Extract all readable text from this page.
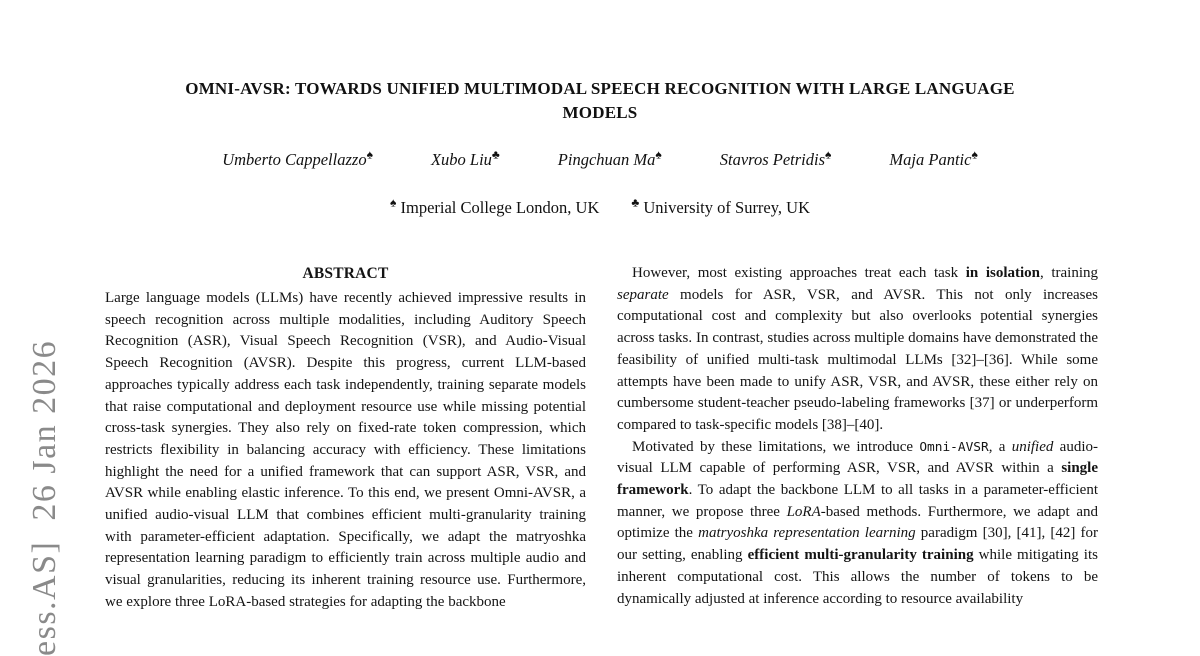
ess.AS]  26 Jan 2026
OMNI-AVSR: TOWARDS UNIFIED MULTIMODAL SPEECH RECOGNITION WITH LARGE LANGUAGE
MODELS
Umberto Cappellazzo♠	Xubo Liu♣	Pingchuan Ma♠	Stavros Petridis♠	Maja Pantic♠
♠ Imperial College London, UK	♣ University of Surrey, UK
ABSTRACT

Large language models (LLMs) have recently achieved impressive results in speech recognition across multiple modalities, including Auditory Speech Recognition (ASR), Visual Speech Recognition (VSR), and Audio-Visual Speech Recognition (AVSR). Despite this progress, current LLM-based approaches typically address each task independently, training separate models that raise computational and deployment resource use while missing potential cross-task synergies. They also rely on fixed-rate token compression, which restricts flexibility in balancing accuracy with efficiency. These limitations highlight the need for a unified framework that can support ASR, VSR, and AVSR while enabling elastic inference. To this end, we present Omni-AVSR, a unified audio-visual LLM that combines efficient multi-granularity training with parameter-efficient adaptation. Specifically, we adapt the matryoshka representation learning paradigm to efficiently train across multiple audio and visual granularities, reducing its inherent training resource use. Furthermore, we explore three LoRA-based strategies for adapting the backbone

However, most existing approaches treat each task in isolation, training separate models for ASR, VSR, and AVSR. This not only increases computational cost and complexity but also overlooks potential synergies across tasks. In contrast, studies across multiple domains have demonstrated the feasibility of unified multi-task multimodal LLMs [32]–[36]. While some attempts have been made to unify ASR, VSR, and AVSR, these either rely on cumbersome student-teacher pseudo-labeling frameworks [37] or underperform compared to task-specific models [38]–[40].

Motivated by these limitations, we introduce Omni-AVSR, a unified audio-visual LLM capable of performing ASR, VSR, and AVSR within a single framework. To adapt the backbone LLM to all tasks in a parameter-efficient manner, we propose three LoRA-based methods. Furthermore, we adapt and optimize the matryoshka representation learning paradigm [30], [41], [42] for our setting, enabling efficient multi-granularity training while mitigating its inherent computational cost. This allows the number of tokens to be dynamically adjusted at inference according to resource availability
